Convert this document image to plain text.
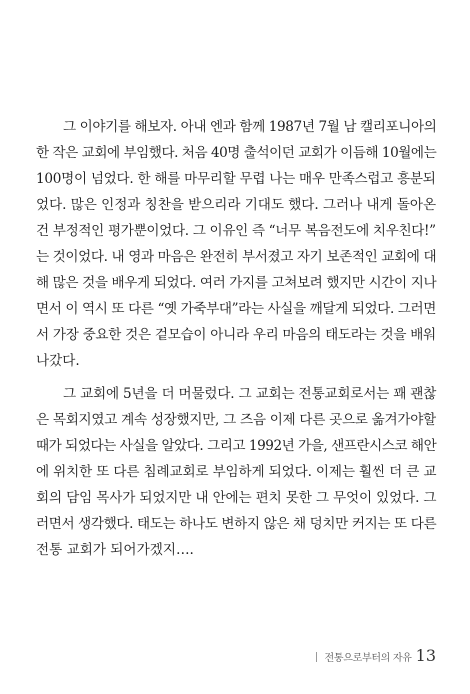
그 이야기를 해보자. 아내 엔과 함께 1987년 7월 남 캘리포니아의
한 작은 교회에 부임했다. 처음 40명 출석이던 교회가 이듬해 10월에는
100명이 넘었다. 한 해를 마무리할 무렵 나는 매우 만족스럽고 흥분되
었다. 많은 인정과 칭찬을 받으리라 기대도 했다. 그러나 내게 돌아온
건 부정적인 평가뿐이었다. 그 이유인 즉 “너무 복음전도에 치우친다!”
는 것이었다. 내 영과 마음은 완전히 부서졌고 자기 보존적인 교회에 대
해 많은 것을 배우게 되었다. 여러 가지를 고쳐보려 했지만 시간이 지나
면서 이 역시 또 다른 “옛 가죽부대”라는 사실을 깨달게 되었다. 그러면
서 가장 중요한 것은 겉모습이 아니라 우리 마음의 태도라는 것을 배워
나갔다.

그 교회에 5년을 더 머물렀다. 그 교회는 전통교회로서는 꽤 괜찮
은 목회지였고 계속 성장했지만, 그 즈음 이제 다른 곳으로 옮겨가야할
때가 되었다는 사실을 알았다. 그리고 1992년 가을, 샌프란시스코 해안
에 위치한 또 다른 침례교회로 부임하게 되었다. 이제는 훨씬 더 큰 교
회의 담임 목사가 되었지만 내 안에는 편치 못한 그 무엇이 있었다. 그
러면서 생각했다. 태도는 하나도 변하지 않은 채 덩치만 커지는 또 다른
전통 교회가 되어가겠지….

전통으로부터의 자유 13
